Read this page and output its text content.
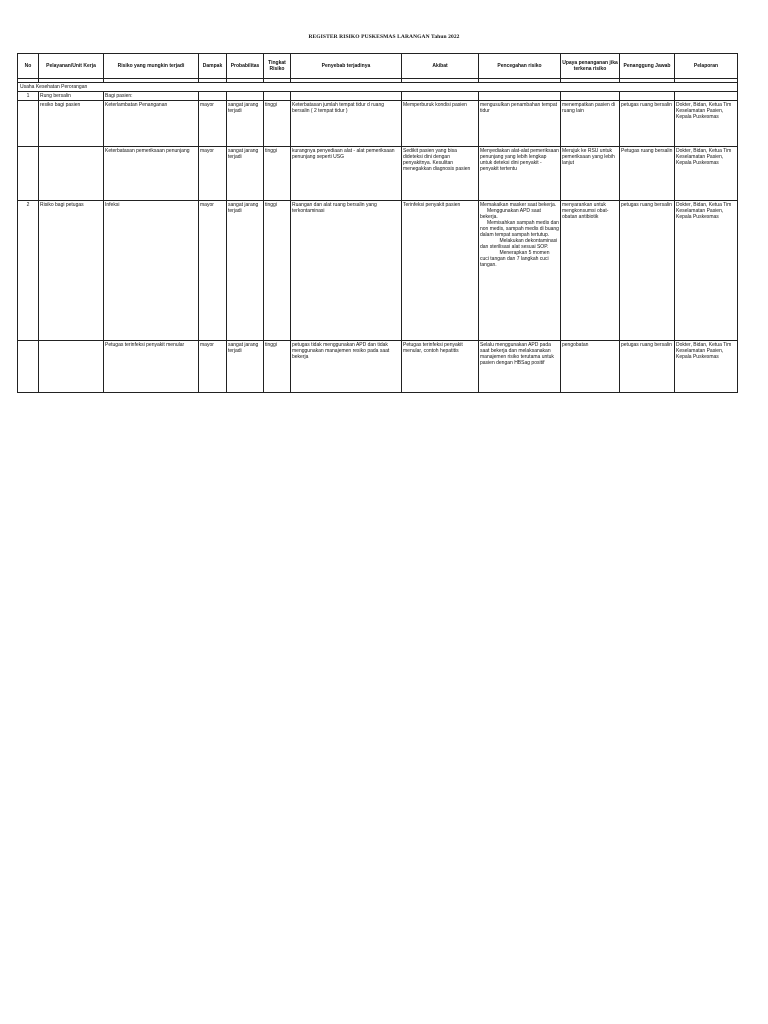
REGISTER RISIKO PUSKESMAS LARANGAN Tahun 2022
No	Pelayanan/Unit Kerja	Risiko yang mungkin terjadi	Dampak	Probabilitas	Tingkat Risiko	Penyebab terjadinya	Akibat	Pencegahan risiko	Upaya penanganan jika terkena risiko	Penanggung Jawab	Pelaporan

Usaha Kesehatan Perorangan											
1	Rung bersalin	Bagi pasien:									
	resiko bagi pasien	Keterlambatan Penanganan	mayor	sangat jarang terjadi	tinggi	Keterbatasan jumlah tempat tidur d ruang bersalin ( 2 tempat tidur )	Memperburuk kondisi pasien	mengusulkan penambahan tempat tidur	menempatkan pasien di ruang lain	petugas ruang bersalin	Dokter, Bidan, Ketua Tim Keselamatan Pasien, Kepala Puskesmas
		Keterbatasan pemeriksaan penunjang	mayor	sangat jarang terjadi	tinggi	kurangnya penyediaan alat - alat pemeriksaan penunjang seperti USG	Sedikit pasien yang bisa dideteksi dini dengan penyakitnya. Kesulitan menegakkan diagnosis pasien	Menyediakan alat-alat pemeriksaan penunjang yang lebih lengkap untuk deteksi dini penyakit - penyakit tertentu	Merujuk ke RSU untuk pemeriksaan yang lebih lanjut	Petugas ruang bersalin	Dokter, Bidan, Ketua Tim Keselamatan Pasien, Kepala Puskesmas
2	Risiko bagi petugas	Infeksi	mayor	sangat jarang terjadi	tinggi	Ruangan dan alat ruang bersalin yang terkontaminasi	Terinfeksi penyakit pasien	Memakaikan masker saat bekerja.
Menggunakan APD saat bekerja.
Memisahkan sampah medis dan non medis, sampah medis di buang dalam tempat sampah tertutup.
Melakukan dekontaminasi dan sterilisasi alat sesuai SOP.
Menerapkan 5 momen cuci tangan dan 7 langkah cuci tangan.	menyarankan untuk mengkonsumsi obat-obatan antibiotik	petugas ruang bersalin	Dokter, Bidan, Ketua Tim Keselamatan Pasien, Kepala Puskesmas
		Petugas terinfeksi penyakit menular	mayor	sangat jarang terjadi	tinggi	petugas tidak menggunakan APD dan tidak menggunakan manajemen resiko pada saat bekerja	Petugas terinfeksi penyakit menular, contoh hepatitis	Selalu menggunakan APD pada saat bekerja dan melaksanakan manajemen risiko terutama untuk pasien dengan HBSag positif	pengobatan	petugas ruang bersalin	Dokter, Bidan, Ketua Tim Keselamatan Pasien, Kepala Puskesmas
